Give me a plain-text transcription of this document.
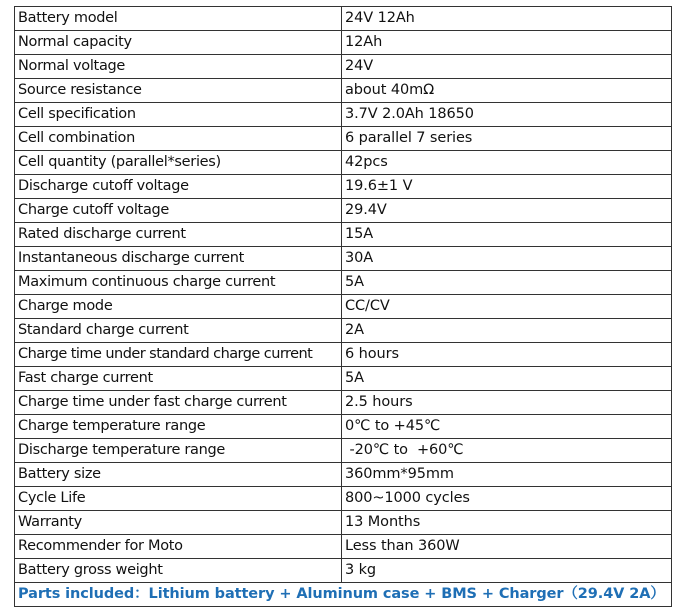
Battery model	24V 12Ah
Normal capacity	12Ah
Normal voltage	24V
Source resistance	about 40mΩ
Cell specification	3.7V 2.0Ah 18650
Cell combination	6 parallel 7 series
Cell quantity (parallel*series)	42pcs
Discharge cutoff voltage	19.6±1 V
Charge cutoff voltage	29.4V
Rated discharge current	15A
Instantaneous discharge current	30A
Maximum continuous charge current	5A
Charge mode	CC/CV
Standard charge current	2A
Charge time under standard charge current	6 hours
Fast charge current	5A
Charge time under fast charge current	2.5 hours
Charge temperature range	0℃ to +45℃
Discharge temperature range	-20℃ to  +60℃
Battery size	360mm*95mm
Cycle Life	800~1000 cycles
Warranty	13 Months
Recommender for Moto	Less than 360W
Battery gross weight	3 kg
Parts included：Lithium battery + Aluminum case + BMS + Charger（29.4V 2A）	
